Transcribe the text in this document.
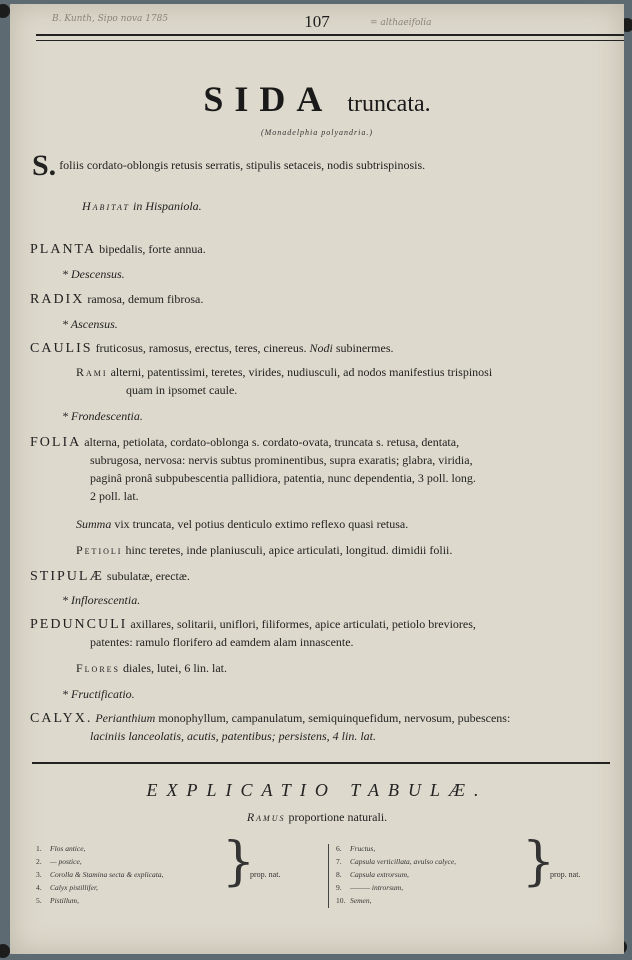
B. Kunth, Sipo nova 1785	= althaeifolia
107
SIDA truncata.
(Monadelphia polyandria.)
S. foliis cordato-oblongis retusis serratis, stipulis setaceis, nodis subtrispinosis.
Habitat in Hispaniola.
PLANTA bipedalis, forte annua.
* Descensus.
RADIX ramosa, demum fibrosa.
* Ascensus.
CAULIS fruticosus, ramosus, erectus, teres, cinereus. Nodi subinermes.
Rami alterni, patentissimi, teretes, virides, nudiusculi, ad nodos manifestius trispinosi
quam in ipsomet caule.
* Frondescentia.
FOLIA alterna, petiolata, cordato-oblonga s. cordato-ovata, truncata s. retusa, dentata,
subrugosa, nervosa: nervis subtus prominentibus, supra exaratis; glabra, viridia,
paginâ pronâ subpubescentia pallidiora, patentia, nunc dependentia, 3 poll. long.
2 poll. lat.
Summa vix truncata, vel potius denticulo extimo reflexo quasi retusa.
Petioli hinc teretes, inde planiusculi, apice articulati, longitud. dimidii folii.
STIPULÆ subulatæ, erectæ.
* Inflorescentia.
PEDUNCULI axillares, solitarii, uniflori, filiformes, apice articulati, petiolo breviores,
patentes: ramulo florifero ad eamdem alam innascente.
Flores diales, lutei, 6 lin. lat.
* Fructificatio.
CALYX. Perianthium monophyllum, campanulatum, semiquinquefidum, nervosum, pubescens:
laciniis lanceolatis, acutis, patentibus; persistens, 4 lin. lat.
EXPLICATIO TABULÆ.
Ramus proportione naturali.
1. Flos antice,
2. — postice,
3. Corolla & Stamina secta & explicata,
4. Calyx pistillifer,
5. Pistillum,
}
prop. nat.
6. Fructus,
7. Capsula verticillata, avulso calyce,
8. Capsula extrorsum,
9. ——— introrsum,
10. Semen,
}
prop. nat.
